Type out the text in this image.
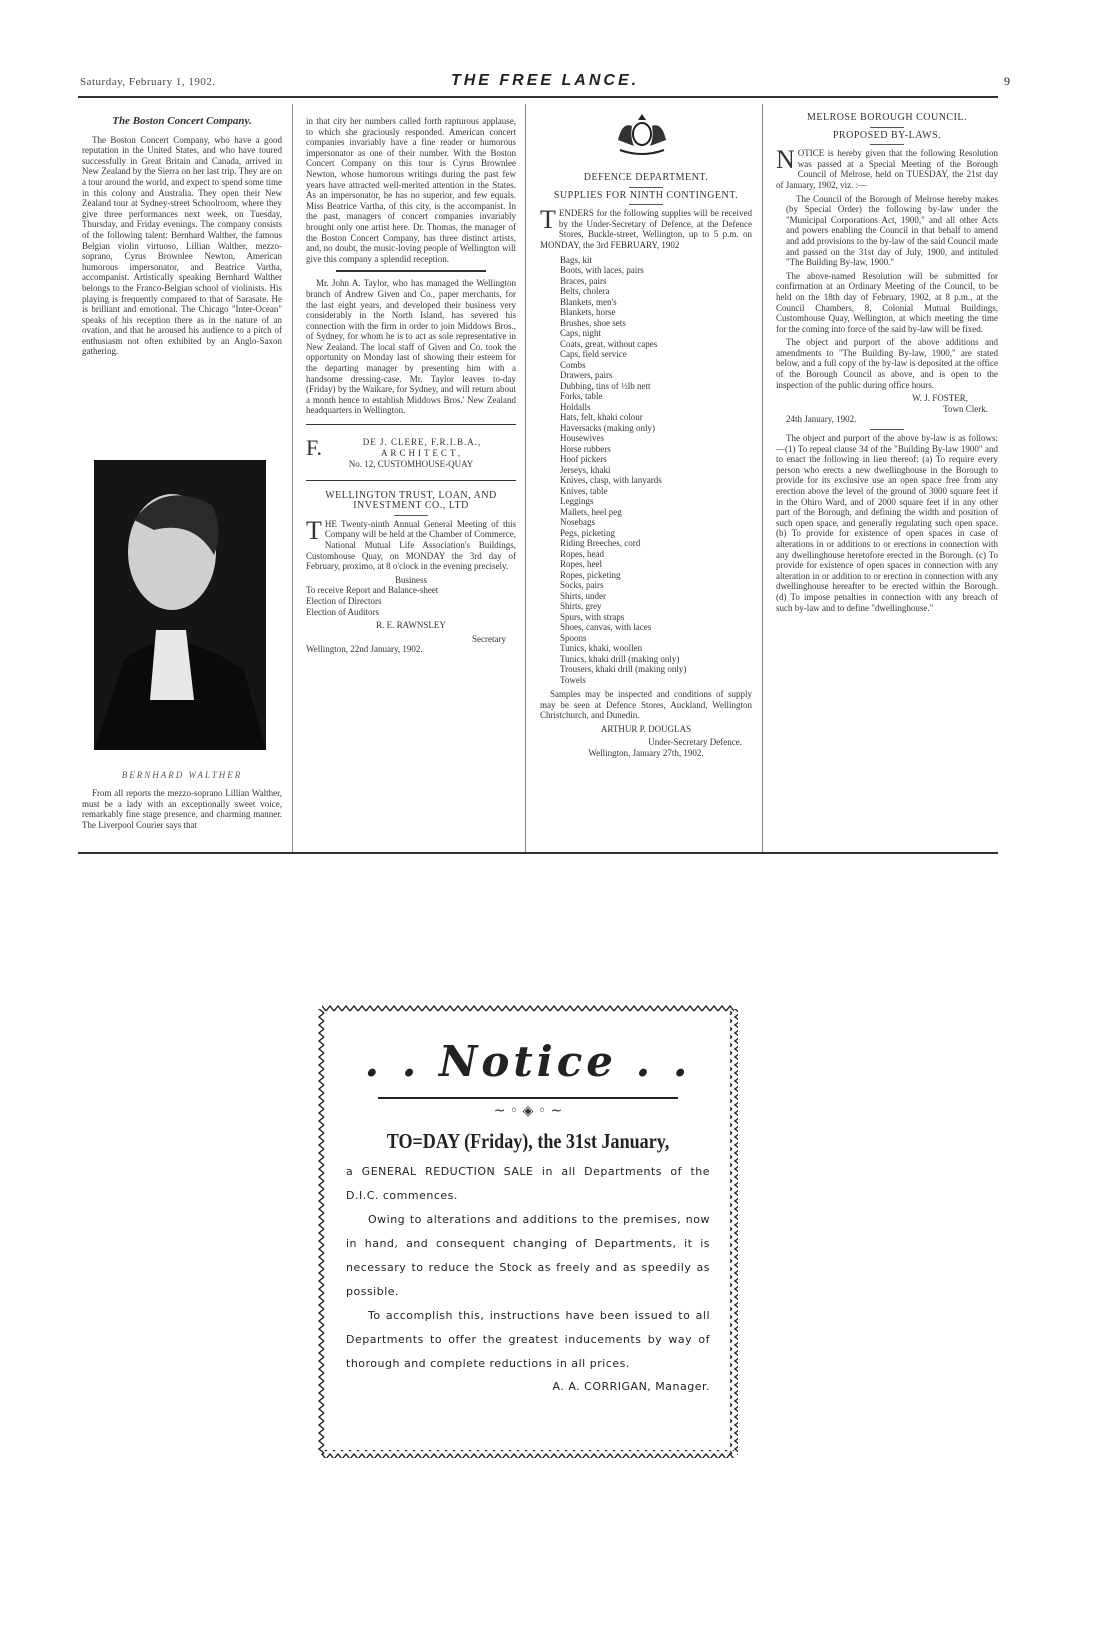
Saturday, February 1, 1902.	THE FREE LANCE.	9
The Boston Concert Company.

The Boston Concert Company, who have a good reputation in the United States, and who have toured successfully in Great Britain and Canada, arrived in New Zealand by the Sierra on her last trip. They are on a tour around the world, and expect to spend some time in this colony and Australia. They open their New Zealand tour at Sydney-street Schoolroom, where they give three performances next week, on Tuesday, Thursday, and Friday evenings. The company consists of the following talent: Bernhard Walther, the famous Belgian violin virtuoso, Lillian Walther, mezzo-soprano, Cyrus Brownlee Newton, American humorous impersonator, and Beatrice Vartha, accompanist. Artistically speaking Bernhard Walther belongs to the Franco-Belgian school of violinists. His playing is frequently compared to that of Sarasate. He is brilliant and emotional. The Chicago "Inter-Ocean" speaks of his reception there as in the nature of an ovation, and that he aroused his audience to a pitch of enthusiasm not often exhibited by an Anglo-Saxon gathering.

BERNHARD WALTHER

From all reports the mezzo-soprano Lillian Walther, must be a lady with an exceptionally sweet voice, remarkably fine stage presence, and charming manner. The Liverpool Courier says that

in that city her numbers called forth rapturous applause, to which she graciously responded. American concert companies invariably have a fine reader or humorous impersonator as one of their number. With the Boston Concert Company on this tour is Cyrus Brownlee Newton, whose humorous writings during the past few years have attracted well-merited attention in the States. As an impersonator, he has no superior, and few equals. Miss Beatrice Vartha, of this city, is the accompanist. In the past, managers of concert companies invariably brought only one artist here. Dr. Thomas, the manager of the Boston Concert Company, has three distinct artists, and, no doubt, the music-loving people of Wellington will give this company a splendid reception.

Mr. John A. Taylor, who has managed the Wellington branch of Andrew Given and Co., paper merchants, for the last eight years, and developed their business very considerably in the North Island, has severed his connection with the firm in order to join Middows Bros., of Sydney, for whom he is to act as sole representative in New Zealand. The local staff of Given and Co. took the opportunity on Monday last of showing their esteem for the departing manager by presenting him with a handsome dressing-case. Mr. Taylor leaves to-day (Friday) by the Waikare, for Sydney, and will return about a month hence to establish Middows Bros.' New Zealand headquarters in Wellington.

F.	DE J. CLERE, F.R.I.B.A.,
ARCHITECT,
No. 12, CUSTOMHOUSE-QUAY
WELLINGTON TRUST, LOAN, AND INVESTMENT CO., LTD

THE Twenty-ninth Annual General Meeting of this Company will be held at the Chamber of Commerce, National Mutual Life Association's Buildings, Customhouse Quay, on MONDAY the 3rd day of February, proximo, at 8 o'clock in the evening precisely.

Business
To receive Report and Balance-sheet
Election of Directors
Election of Auditors
R. E. RAWNSLEY
Secretary
Wellington, 22nd January, 1902.
DEFENCE DEPARTMENT.
SUPPLIES FOR NINTH CONTINGENT.

TENDERS for the following supplies will be received by the Under-Secretary of Defence, at the Defence Stores, Buckle-street, Wellington, up to 5 p.m. on MONDAY, the 3rd FEBRUARY, 1902

Bags, kit
Boots, with laces, pairs
Braces, pairs
Belts, cholera
Blankets, men's
Blankets, horse
Brushes, shoe sets
Caps, night
Coats, great, without capes
Caps, field service
Combs
Drawers, pairs
Dubbing, tins of ½lb nett
Forks, table
Holdalls
Hats, felt, khaki colour
Haversacks (making only)
Housewives
Horse rubbers
Hoof pickers
Jerseys, khaki
Knives, clasp, with lanyards
Knives, table
Leggings
Mallets, heel peg
Nosebags
Pegs, picketing
Riding Breeches, cord
Ropes, head
Ropes, heel
Ropes, picketing
Socks, pairs
Shirts, under
Shirts, grey
Spurs, with straps
Shoes, canvas, with laces
Spoons
Tunics, khaki, woollen
Tunics, khaki drill (making only)
Trousers, khaki drill (making only)
Towels

Samples may be inspected and conditions of supply may be seen at Defence Stores, Auckland, Wellington Christchurch, and Dunedin.

ARTHUR P. DOUGLAS
Under-Secretary Defence.
Wellington, January 27th, 1902.
MELROSE BOROUGH COUNCIL.
PROPOSED BY-LAWS.

NOTICE is hereby given that the following Resolution was passed at a Special Meeting of the Borough Council of Melrose, held on TUESDAY, the 21st day of January, 1902, viz. :—

The Council of the Borough of Melrose hereby makes (by Special Order) the following by-law under the "Municipal Corporations Act, 1900," and all other Acts and powers enabling the Council in that behalf to amend and add provisions to the by-law of the said Council made and passed on the 31st day of July, 1900, and intituled "The Building By-law, 1900."

The above-named Resolution will be submitted for confirmation at an Ordinary Meeting of the Council, to be held on the 18th day of February, 1902, at 8 p.m., at the Council Chambers, 8, Colonial Mutual Buildings, Customhouse Quay, Wellington, at which meeting the time for the coming into force of the said by-law will be fixed.

The object and purport of the above additions and amendments to "The Building By-law, 1900," are stated below, and a full copy of the by-law is deposited at the office of the Borough Council as above, and is open to the inspection of the public during office hours.

W. J. FOSTER,
Town Clerk.
24th January, 1902.

The object and purport of the above by-law is as follows:—(1) To repeal clause 34 of the "Building By-law 1900" and to enact the following in lieu thereof: (a) To require every person who erects a new dwellinghouse in the Borough to provide for its exclusive use an open space free from any erection above the level of the ground of 3000 square feet if in the Ohiro Ward, and of 2000 square feet if in any other part of the Borough, and defining the width and position of such open space, and generally regulating such open space. (b) To provide for existence of open spaces in case of alterations in or additions to or erections in connection with any dwellinghouse heretofore erected in the Borough. (c) To provide for existence of open spaces in connection with any alteration in or addition to or erection in connection with any dwellinghouse hereafter to be erected within the Borough. (d) To impose penalties in connection with any breach of such by-law and to define "dwellinghouse."

. . Notice . .
~ ◦ ◈ ◦ ~
TO=DAY (Friday), the 31st January,
a GENERAL REDUCTION SALE in all Departments of the D.I.C. commences.
Owing to alterations and additions to the premises, now in hand, and consequent changing of Departments, it is necessary to reduce the Stock as freely and as speedily as possible.
To accomplish this, instructions have been issued to all Departments to offer the greatest inducements by way of thorough and complete reductions in all prices.
A. A. CORRIGAN, Manager.
